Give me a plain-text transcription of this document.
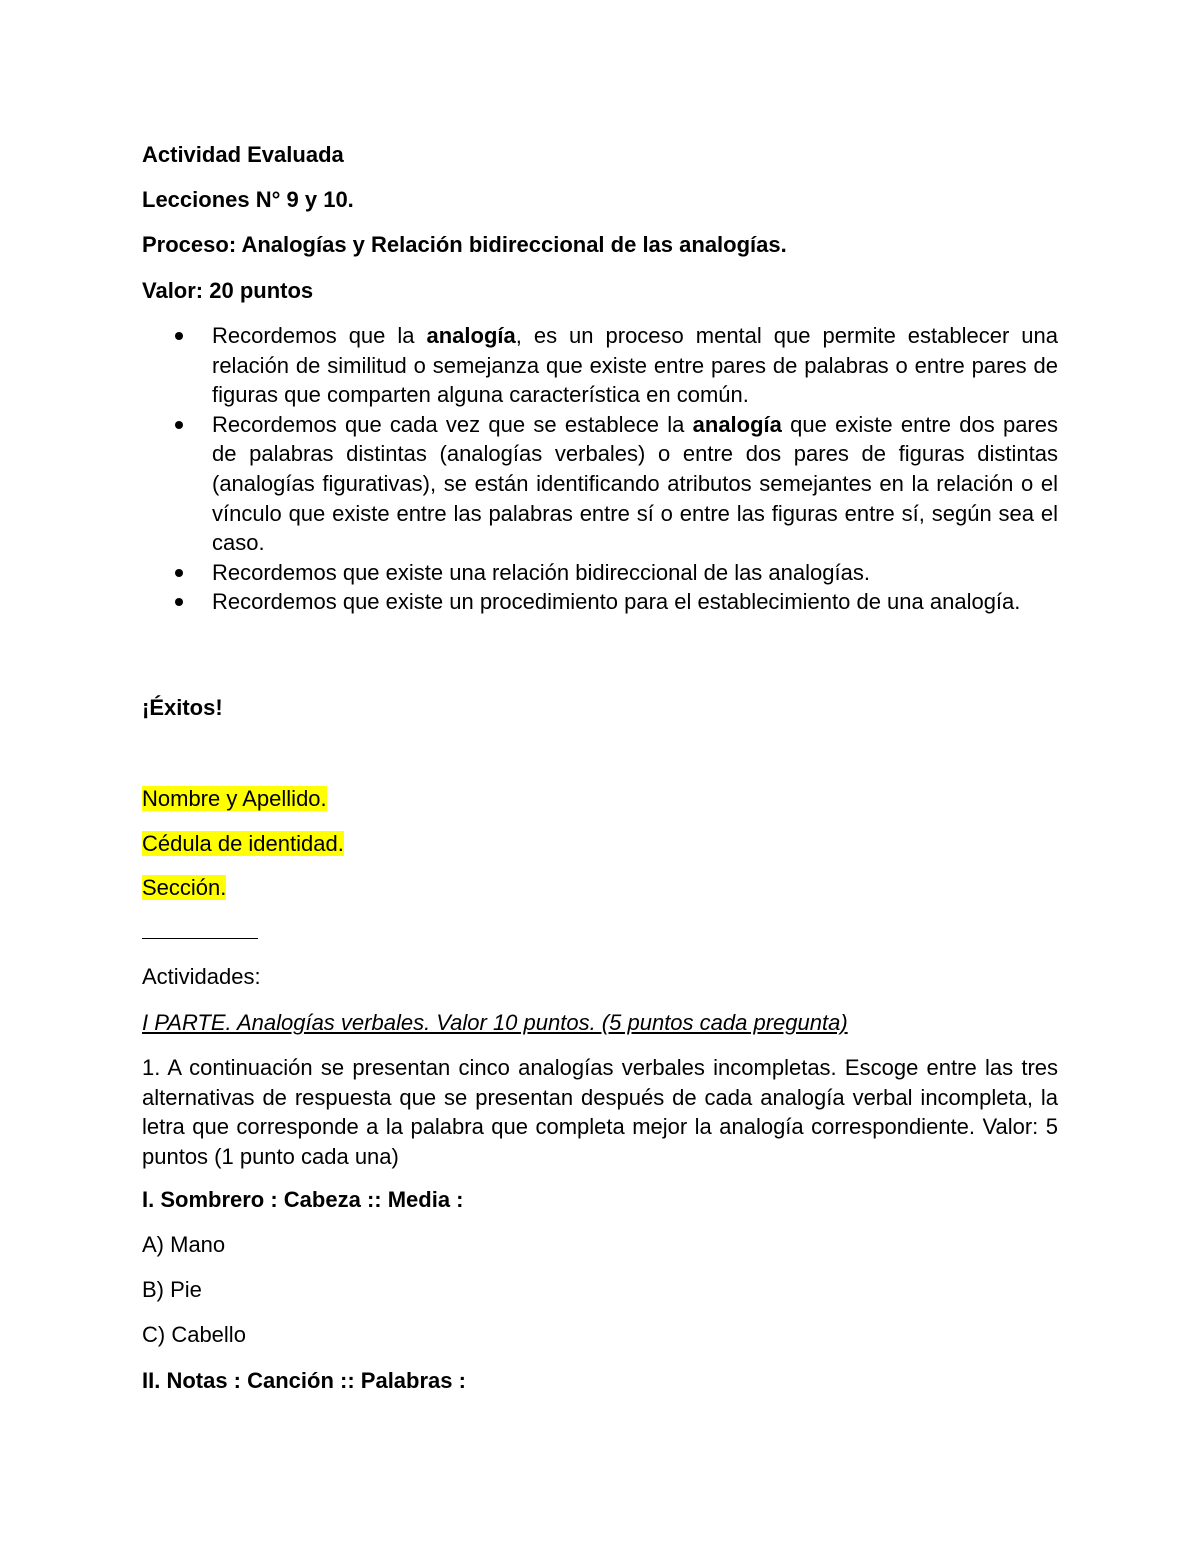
Actividad Evaluada

Lecciones N° 9 y 10.

Proceso: Analogías y Relación bidireccional de las analogías.

Valor: 20 puntos

Recordemos que la analogía, es un proceso mental que permite establecer una relación de similitud o semejanza que existe entre pares de palabras o entre pares de figuras que comparten alguna característica en común.
Recordemos que cada vez que se establece la analogía que existe entre dos pares de palabras distintas (analogías verbales) o entre dos pares de figuras distintas (analogías figurativas), se están identificando atributos semejantes en la relación o el vínculo que existe entre las palabras entre sí o entre las figuras entre sí, según sea el caso.
Recordemos que existe una relación bidireccional de las analogías.
Recordemos que existe un procedimiento para el establecimiento de una analogía.

¡Éxitos!

Nombre y Apellido.

Cédula de identidad.

Sección.

Actividades:

I PARTE. Analogías verbales. Valor 10 puntos. (5 puntos cada pregunta)

1. A continuación se presentan cinco analogías verbales incompletas. Escoge entre las tres alternativas de respuesta que se presentan después de cada analogía verbal incompleta, la letra que corresponde a la palabra que completa mejor la analogía correspondiente. Valor: 5 puntos (1 punto cada una)

I. Sombrero : Cabeza :: Media :

A) Mano

B) Pie

C) Cabello

II. Notas : Canción :: Palabras :
